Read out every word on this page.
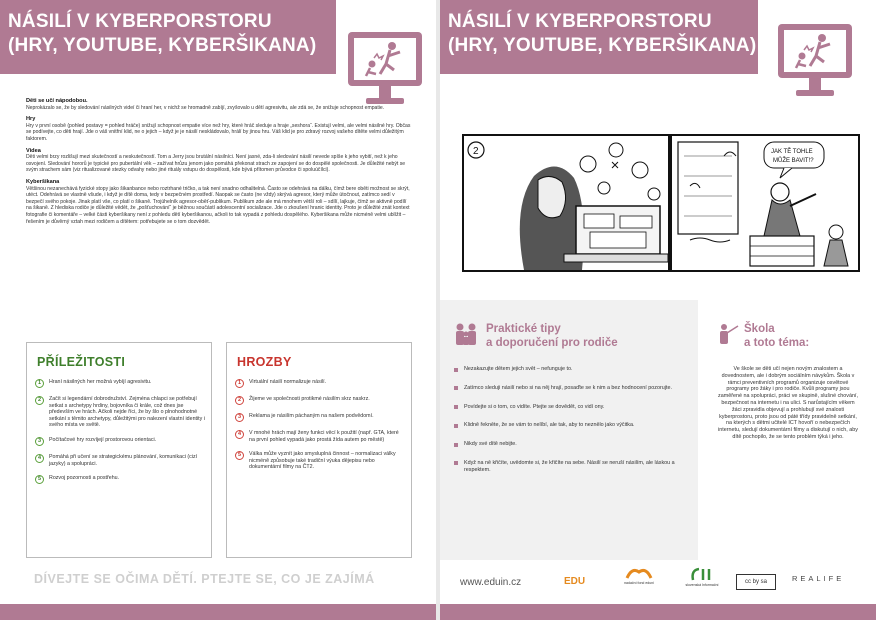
NÁSILÍ V KYBERPORSTORU
(HRY, YOUTUBE, KYBERŠIKANA)
Děti se učí nápodobou.
Neprokázalo se, že by sledování násilných videí či hraní her, v nichž se hromadně zabíjí, zvyšovalo u dětí agresivitu, ale zdá se, že snižuje schopnost empatie.
Hry
Hry v první osobě (pohled postavy = pohled hráče) snižují schopnost empatie více než hry, které hráč sleduje a hraje „seshora“. Existují velmi, ale velmi násilné hry. Občas se podívejte, co děti hrají. Jde o váš vnitřní klid, ne o jejich – když je je násilí neskládovalo, hrálí by jinou hru. Váš klid je pro zdravý rozvoj vašeho dítěte velmi důležitým faktorem.
Videa
Děti velmi brzy rozlišují mezi skutečností a neskutečností. Tom a Jerry jsou brutální násilníci. Není jasné, zda-li sledování násilí nevede spíše k jeho vybití, než k jeho osvojení. Sledování hororů je typické pro pubertální věk – zažívat hrůzu jenom jako pomáhá překonat strach ze zapojení se do dospělé společnosti. Je důležité nebýt se svým strachem sám (viz ritualizované stezky odvahy nebo jiné rituály vstupu do dospělosti, kde bývá přítomen průvodce či spoluúčílci).
Kyberšikana
Většinou nezanechává fyzické stopy jako šikanbance nebo roztrhané tričko, a tak není snadno odhalitelná. Často se odehrává na dálku, čímž bere oběti možnost se skrýt, utéct. Odehrává se vlastně všude, i když je dítě doma, tedy v bezpečném prostředí. Naopak se často (ne vždy) skrývá agresor, který může útočnout, zatímco sedí v bezpečí svého pokoje. Jinak platí vše, co platí o šikaně. Trojúhelník agresor-oběť-publikum. Publikum zde ale má mnohem větší roli – sdílí, lajkuje, čímž se aktivně podílí na šikaně. Z hlediska rodiče je důležité vědět, že „pošťuchování“ je běžnou součástí adolescentní socializace. Jde o zkoušení hranic identity. Proto je důležité znát kontext fotografie či komentáře – velké části kyberšikany není z pohledu dětí kyberšikanou, ačkoli to tak vypadá z pohledu dospělého. Kyberšikana může nicméně velmi ublížit – řešením je důvěrný vztah mezi rodičem a dítětem: potřebujete se o tom dozvědět.
PŘÍLEŽITOSTI
1	Hraní násilných her možná vybíjí agresivitu.
2	Začít si legendární dobrodružství. Zejména chlapci se potřebují setkat s archetypy hrdiny, bojovníka či krále, což dnes jse především ve hrách. Ačkoli nejde říci, že by šlo o plnohodnotné setkání s těmito archetypy, důležitými pro nalezení vlastní identity i svého místa ve světě.
3	Počítačové hry rozvíjejí prostorovou orientaci.
4	Pomáhá při učení se strategickému plánování, komunikaci (cizí jazyky) a spolupráci.
5	Rozvoj pozornosti a postřehu.
HROZBY
1	Virtuální násilí normalizuje násilí.
2	Žijeme ve společnosti protikmé násilím skrz naskrz.
3	Reklama je násilím páchaným na našem podvědomí.
4	V mnohé hrách mají ženy funkci věcí k použití (např. GTA, které na první pohled vypadá jako prostá žída autem po městě)
5	Válka může vyznít jako smysluplná činnost – normalizaci války nicméně způsobuje také tradiční výuka dějepisu nebo dokumentární filmy na ČT2.
DÍVEJTE SE OČIMA DĚTÍ. PTEJTE SE, CO JE ZAJÍMÁ
NÁSILÍ V KYBERPORSTORU
(HRY, YOUTUBE, KYBERŠIKANA)
2	JAK TĚ TOHLE
MŮŽE BAVIT!?
Praktické tipy
a doporučení pro rodiče
Nezakazujte dětem jejich svět – nefunguje to.
Zatímco sleduji násilí nebo si na něj hrají, posaďte se k nim a bez hodnocení pozorujte.
Povídejte si o tom, co vidíte. Ptejte se dovědět, co vidí ony.
Klidně řekněte, že se vám to nelíbí, ale tak, aby to neznělo jako výčitka.
Nikdy své dítě nebijte.
Když na ně křičíte, uvědomte si, že křičíte na sebe. Násilí se neruší násilím, ale láskou a respektem.
Škola
a toto téma:
Ve škole se děti učí nejen novým znalostem a dovednostem, ale i dobrým sociálním návykům. Škola v rámci preventivních programů organizuje osvětové programy pro žáky i pro rodiče. Kvůli programy jsou zaměřené na spolupráci, práci ve skupině, slušné chování, bezpečnost na internetu i na ulici. S narůstajícím věkem žáci zpravidla objevují a prohlubují své znalosti kyberprostoru, proto jsou od páté třídy pravidelně setkání, na kterých s dětmi učitelé ICT hovoří o nebezpečích internetu, sledují dokumentární filmy a diskutují o nich, aby dítě pochopilo, že se tento problém týká i jeho.
www.eduin.cz	EDU	nadační fond eduni	slovenská Informační	cc by sa	REALIFE
